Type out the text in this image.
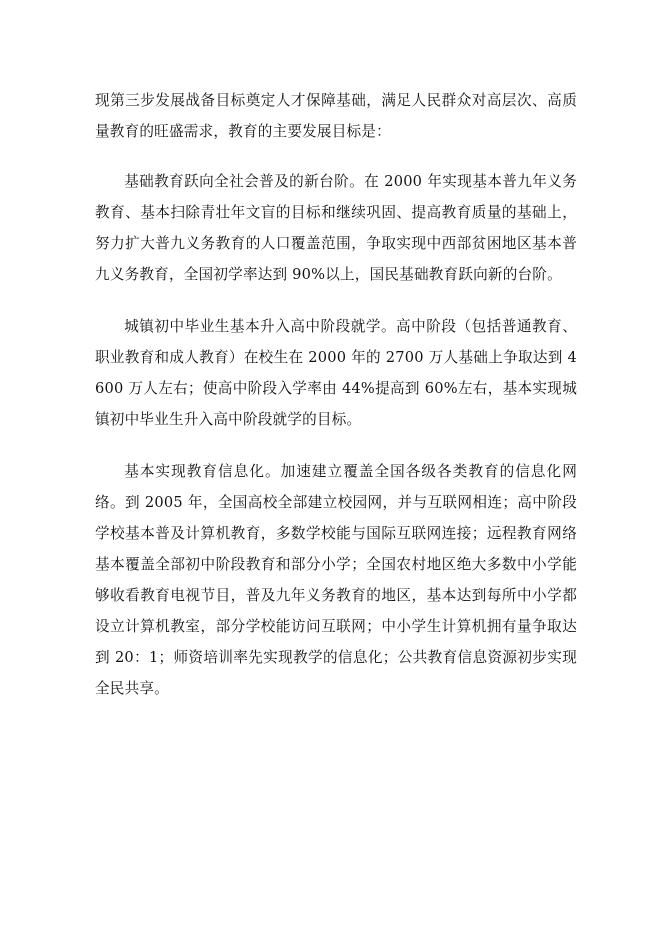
现第三步发展战备目标奠定人才保障基础，满足人民群众对高层次、高质量教育的旺盛需求，教育的主要发展目标是：

基础教育跃向全社会普及的新台阶。在 2000 年实现基本普九年义务教育、基本扫除青壮年文盲的目标和继续巩固、提高教育质量的基础上，努力扩大普九义务教育的人口覆盖范围，争取实现中西部贫困地区基本普九义务教育，全国初学率达到 90%以上，国民基础教育跃向新的台阶。

城镇初中毕业生基本升入高中阶段就学。高中阶段（包括普通教育、职业教育和成人教育）在校生在 2000 年的 2700 万人基础上争取达到 4600 万人左右；使高中阶段入学率由 44%提高到 60%左右，基本实现城镇初中毕业生升入高中阶段就学的目标。

基本实现教育信息化。加速建立覆盖全国各级各类教育的信息化网络。到 2005 年，全国高校全部建立校园网，并与互联网相连；高中阶段学校基本普及计算机教育，多数学校能与国际互联网连接；远程教育网络基本覆盖全部初中阶段教育和部分小学；全国农村地区绝大多数中小学能够收看教育电视节目，普及九年义务教育的地区，基本达到每所中小学都设立计算机教室，部分学校能访问互联网；中小学生计算机拥有量争取达到 20：1；师资培训率先实现教学的信息化；公共教育信息资源初步实现全民共享。
